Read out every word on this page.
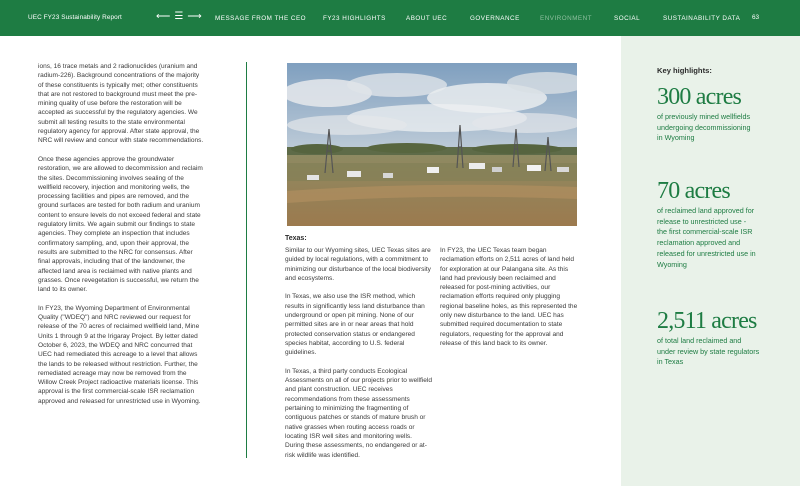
UEC FY23 Sustainability Report	⟵ ☰ ⟶ MESSAGE FROM THE CEO	FY23 HIGHLIGHTS	ABOUT UEC	GOVERNANCE	ENVIRONMENT	SOCIAL	SUSTAINABILITY DATA 63

ions, 16 trace metals and 2 radionuclides (uranium and radium-226). Background concentrations of the majority of these constituents is typically met; other constituents that are not restored to background must meet the pre-mining quality of use before the restoration will be accepted as successful by the regulatory agencies. We submit all testing results to the state environmental regulatory agency for approval. After state approval, the NRC will review and concur with state recommendations.

Once these agencies approve the groundwater restoration, we are allowed to decommission and reclaim the sites. Decommissioning involves sealing of the wellfield recovery, injection and monitoring wells, the processing facilities and pipes are removed, and the ground surfaces are tested for both radium and uranium content to ensure levels do not exceed federal and state regulatory limits. We again submit our findings to state agencies. They complete an inspection that includes confirmatory sampling, and, upon their approval, the results are submitted to the NRC for consensus. After final approvals, including that of the landowner, the affected land area is reclaimed with native plants and grasses. Once revegetation is successful, we return the land to its owner.

In FY23, the Wyoming Department of Environmental Quality ("WDEQ") and NRC reviewed our request for release of the 70 acres of reclaimed wellfield land, Mine Units 1 through 9 at the Irigaray Project. By letter dated October 6, 2023, the WDEQ and NRC concurred that UEC had remediated this acreage to a level that allows the lands to be released without restriction. Further, the remediated acreage may now be removed from the Willow Creek Project radioactive materials license. This approval is the first commercial-scale ISR reclamation approved and released for unrestricted use in Wyoming.

Texas:

Similar to our Wyoming sites, UEC Texas sites are guided by local regulations, with a commitment to minimizing our disturbance of the local biodiversity and ecosystems.

In Texas, we also use the ISR method, which results in significantly less land disturbance than underground or open pit mining. None of our permitted sites are in or near areas that hold protected conservation status or endangered species habitat, according to U.S. federal guidelines.

In Texas, a third party conducts Ecological Assessments on all of our projects prior to wellfield and plant construction. UEC receives recommendations from these assessments pertaining to minimizing the fragmenting of contiguous patches or stands of mature brush or native grasses when routing access roads or locating ISR well sites and monitoring wells. During these assessments, no endangered or at-risk wildlife was identified.

In FY23, the UEC Texas team began reclamation efforts on 2,511 acres of land held for exploration at our Palangana site. As this land had previously been reclaimed and released for post-mining activities, our reclamation efforts required only plugging regional baseline holes, as this represented the only new disturbance to the land. UEC has submitted required documentation to state regulators, requesting for the approval and release of this land back to its owner.

Key highlights:
300 acres
of previously mined wellfields undergoing decommissioning in Wyoming
70 acres
of reclaimed land approved for release to unrestricted use - the first commercial-scale ISR reclamation approved and released for unrestricted use in Wyoming
2,511 acres
of total land reclaimed and under review by state regulators in Texas
